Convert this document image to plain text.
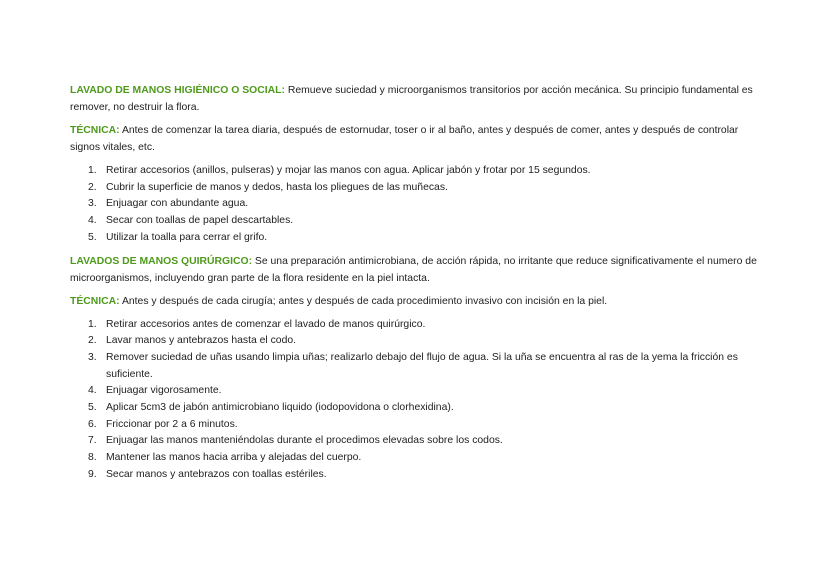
LAVADO DE MANOS HIGIÉNICO O SOCIAL: Remueve suciedad y microorganismos transitorios por acción mecánica. Su principio fundamental es remover, no destruir la flora.

TÉCNICA: Antes de comenzar la tarea diaria, después de estornudar, toser o ir al baño, antes y después de comer, antes y después de controlar signos vitales, etc.

1. Retirar accesorios (anillos, pulseras) y mojar las manos con agua. Aplicar jabón y frotar por 15 segundos.
2. Cubrir la superficie de manos y dedos, hasta los pliegues de las muñecas.
3. Enjuagar con abundante agua.
4. Secar con toallas de papel descartables.
5. Utilizar la toalla para cerrar el grifo.

LAVADOS DE MANOS QUIRÚRGICO: Se una preparación antimicrobiana, de acción rápida, no irritante que reduce significativamente el numero de microorganismos, incluyendo gran parte de la flora residente en la piel intacta.

TÉCNICA: Antes y después de cada cirugía; antes y después de cada procedimiento invasivo con incisión en la piel.

1. Retirar accesorios antes de comenzar el lavado de manos quirúrgico.
2. Lavar manos y antebrazos hasta el codo.
3. Remover suciedad de uñas usando limpia uñas; realizarlo debajo del flujo de agua. Si la uña se encuentra al ras de la yema la fricción es suficiente.
4. Enjuagar vigorosamente.
5. Aplicar 5cm3 de jabón antimicrobiano liquido (iodopovidona o clorhexidina).
6. Friccionar por 2 a 6 minutos.
7. Enjuagar las manos manteniéndolas durante el procedimos elevadas sobre los codos.
8. Mantener las manos hacia arriba y alejadas del cuerpo.
9. Secar manos y antebrazos con toallas estériles.
